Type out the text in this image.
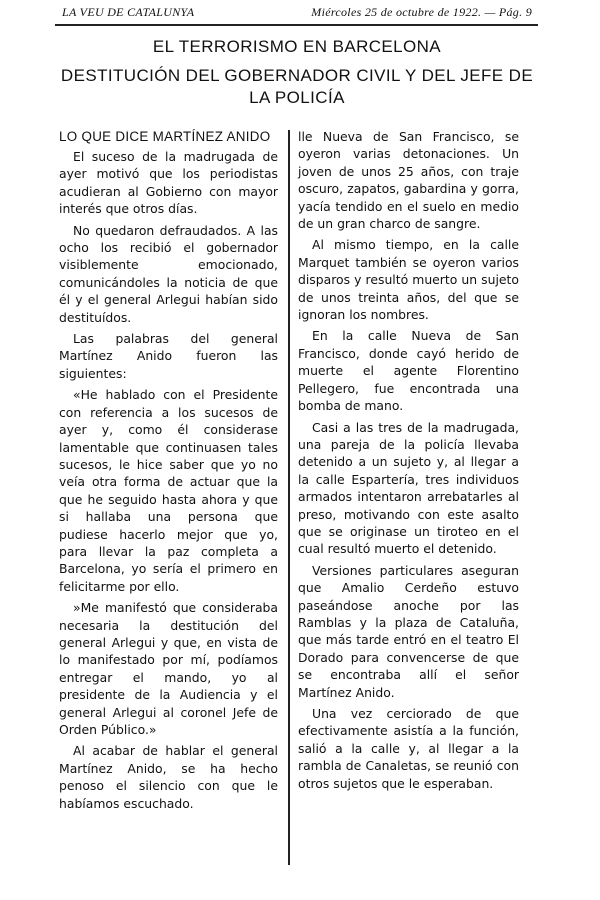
LA VEU DE CATALUNYA	Miércoles 25 de octubre de 1922. — Pág. 9
EL TERRORISMO EN BARCELONA
DESTITUCIÓN DEL GOBERNADOR CIVIL Y DEL JEFE DE LA POLICÍA
LO QUE DICE MARTÍNEZ ANIDO

El suceso de la madrugada de ayer motivó que los periodistas acudieran al Gobierno con mayor interés que otros días.

No quedaron defraudados. A las ocho los recibió el gobernador visiblemente emocionado, comunicándoles la noticia de que él y el general Arlegui habían sido destituídos.

Las palabras del general Martínez Anido fueron las siguientes:

«He hablado con el Presidente con referencia a los sucesos de ayer y, como él considerase lamentable que continuasen tales sucesos, le hice saber que yo no veía otra forma de actuar que la que he seguido hasta ahora y que si hallaba una persona que pudiese hacerlo mejor que yo, para llevar la paz completa a Barcelona, yo sería el primero en felicitarme por ello.

»Me manifestó que consideraba necesaria la destitución del general Arlegui y que, en vista de lo manifestado por mí, podíamos entregar el mando, yo al presidente de la Audiencia y el general Arlegui al coronel Jefe de Orden Público.»

Al acabar de hablar el general Martínez Anido, se ha hecho penoso el silencio con que le habíamos escuchado.

lle Nueva de San Francisco, se oyeron varias detonaciones. Un joven de unos 25 años, con traje oscuro, zapatos, gabardina y gorra, yacía tendido en el suelo en medio de un gran charco de sangre.

Al mismo tiempo, en la calle Marquet también se oyeron varios disparos y resultó muerto un sujeto de unos treinta años, del que se ignoran los nombres.

En la calle Nueva de San Francisco, donde cayó herido de muerte el agente Florentino Pellegero, fue encontrada una bomba de mano.

Casi a las tres de la madrugada, una pareja de la policía llevaba detenido a un sujeto y, al llegar a la calle Espartería, tres individuos armados intentaron arrebatarles al preso, motivando con este asalto que se originase un tiroteo en el cual resultó muerto el detenido.

Versiones particulares aseguran que Amalio Cerdeño estuvo paseándose anoche por las Ramblas y la plaza de Cataluña, que más tarde entró en el teatro El Dorado para convencerse de que se encontraba allí el señor Martínez Anido.

Una vez cerciorado de que efectivamente asistía a la función, salió a la calle y, al llegar a la rambla de Canaletas, se reunió con otros sujetos que le esperaban.
